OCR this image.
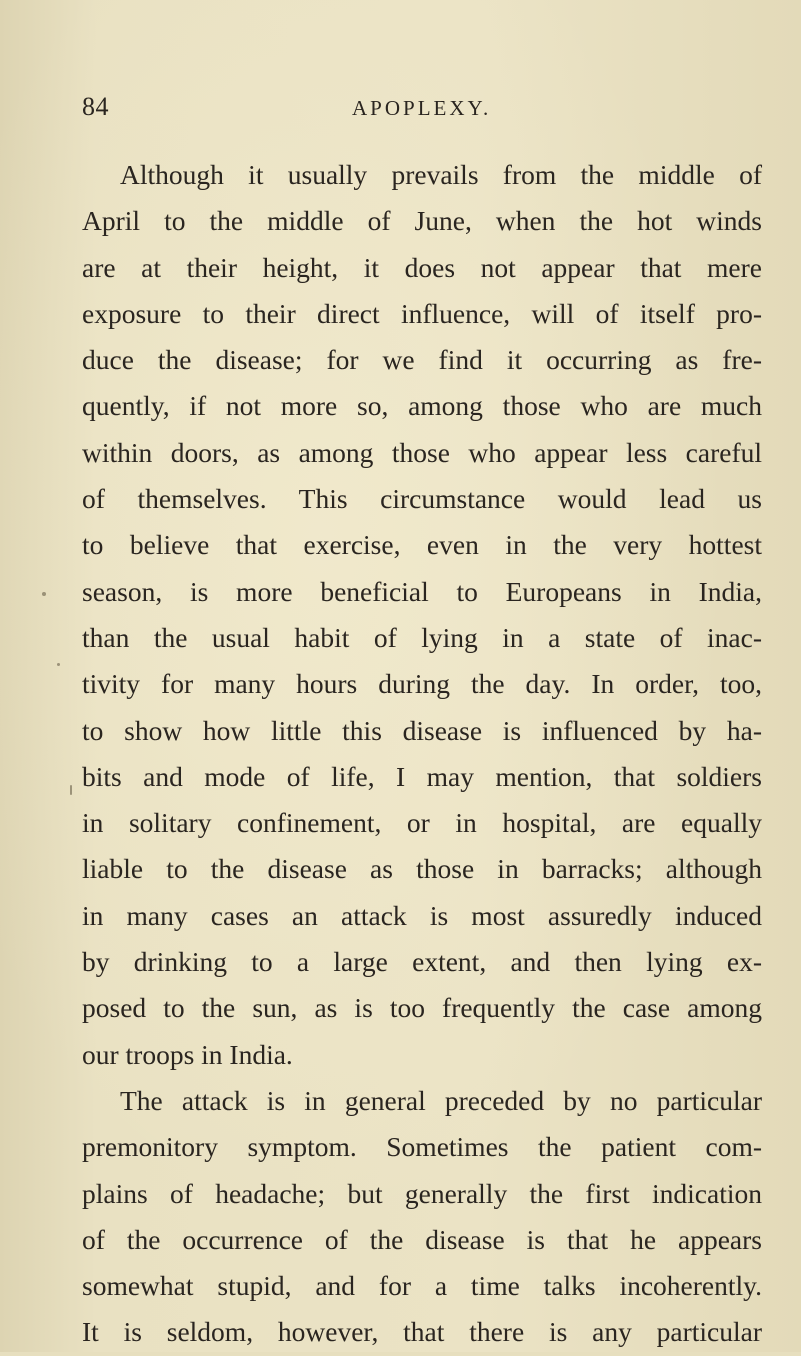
84	APOPLEXY.
Although it usually prevails from the middle of
April to the middle of June, when the hot winds
are at their height, it does not appear that mere
exposure to their direct influence, will of itself pro-
duce the disease; for we find it occurring as fre-
quently, if not more so, among those who are much
within doors, as among those who appear less careful
of themselves. This circumstance would lead us
to believe that exercise, even in the very hottest
season, is more beneficial to Europeans in India,
than the usual habit of lying in a state of inac-
tivity for many hours during the day. In order, too,
to show how little this disease is influenced by ha-
bits and mode of life, I may mention, that soldiers
in solitary confinement, or in hospital, are equally
liable to the disease as those in barracks; although
in many cases an attack is most assuredly induced
by drinking to a large extent, and then lying ex-
posed to the sun, as is too frequently the case among
our troops in India.
The attack is in general preceded by no particular
premonitory symptom. Sometimes the patient com-
plains of headache; but generally the first indication
of the occurrence of the disease is that he appears
somewhat stupid, and for a time talks incoherently.
It is seldom, however, that there is any particular
